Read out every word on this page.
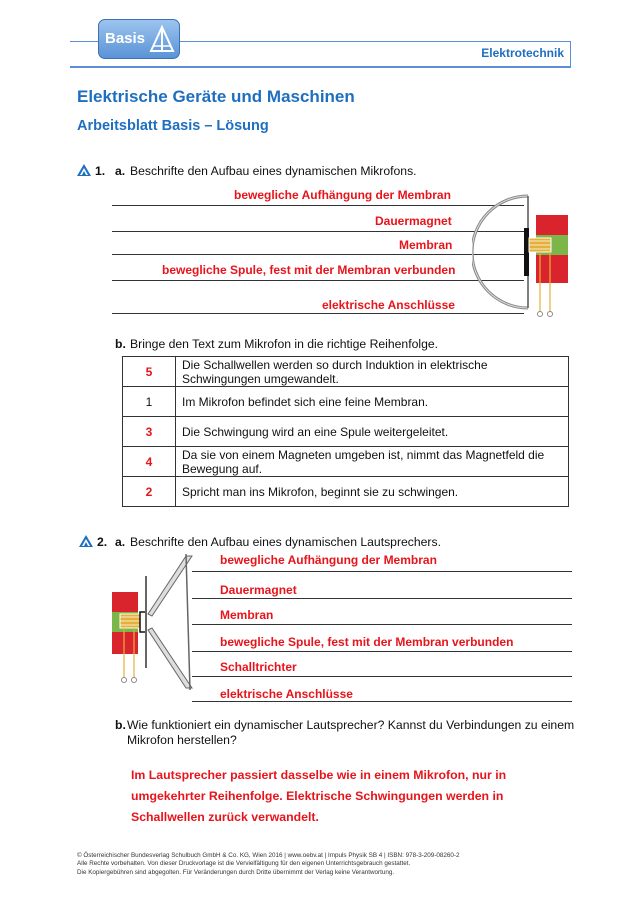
Basis
Elektrotechnik
Elektrische Geräte und Maschinen
Arbeitsblatt Basis – Lösung
1. a. Beschrifte den Aufbau eines dynamischen Mikrofons.
bewegliche Aufhängung der Membran
Dauermagnet
Membran
bewegliche Spule, fest mit der Membran verbunden
elektrische Anschlüsse
b. Bringe den Text zum Mikrofon in die richtige Reihenfolge.
5	Die Schallwellen werden so durch Induktion in elektrische Schwingungen umgewandelt.
1	Im Mikrofon befindet sich eine feine Membran.
3	Die Schwingung wird an eine Spule weitergeleitet.
4	Da sie von einem Magneten umgeben ist, nimmt das Magnetfeld die Bewegung auf.
2	Spricht man ins Mikrofon, beginnt sie zu schwingen.
2. a. Beschrifte den Aufbau eines dynamischen Lautsprechers.
bewegliche Aufhängung der Membran
Dauermagnet
Membran
bewegliche Spule, fest mit der Membran verbunden
Schalltrichter
elektrische Anschlüsse
b. Wie funktioniert ein dynamischer Lautsprecher? Kannst du Verbindungen zu einem
Mikrofon herstellen?
Im Lautsprecher passiert dasselbe wie in einem Mikrofon, nur in umgekehrter Reihenfolge. Elektrische Schwingungen werden in Schallwellen zurück verwandelt.
© Österreichischer Bundesverlag Schulbuch GmbH & Co. KG, Wien 2016 | www.oebv.at | Impuls Physik SB 4 | ISBN: 978-3-209-08260-2
Alle Rechte vorbehalten. Von dieser Druckvorlage ist die Vervielfältigung für den eigenen Unterrichtsgebrauch gestattet.
Die Kopiergebühren sind abgegolten. Für Veränderungen durch Dritte übernimmt der Verlag keine Verantwortung.
